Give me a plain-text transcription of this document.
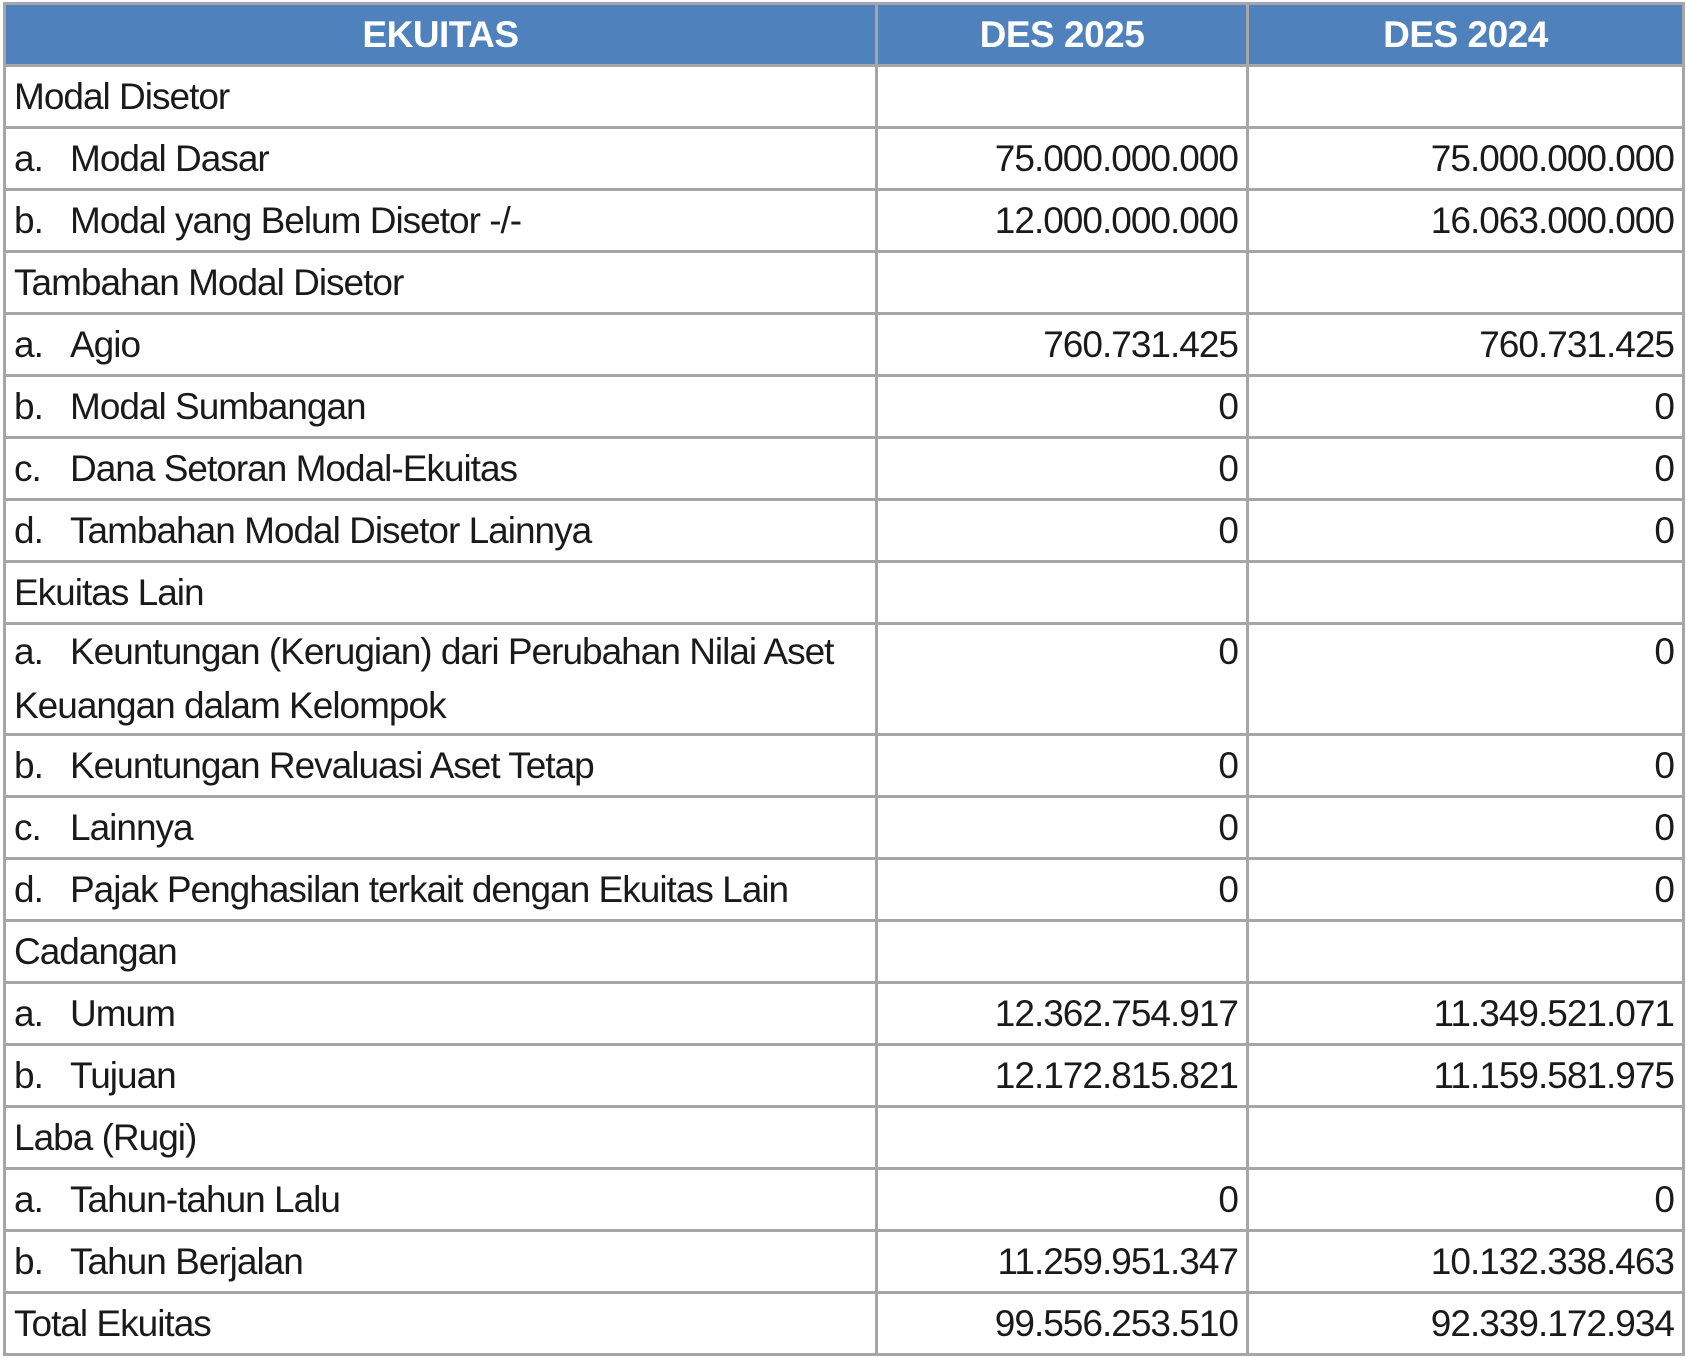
EKUITAS	DES 2025	DES 2024
Modal Disetor		
a. Modal Dasar	75.000.000.000	75.000.000.000
b. Modal yang Belum Disetor -/-	12.000.000.000	16.063.000.000
Tambahan Modal Disetor		
a. Agio	760.731.425	760.731.425
b. Modal Sumbangan	0	0
c. Dana Setoran Modal-Ekuitas	0	0
d. Tambahan Modal Disetor Lainnya	0	0
Ekuitas Lain		
a. Keuntungan (Kerugian) dari Perubahan Nilai Aset Keuangan dalam Kelompok	0	0
b. Keuntungan Revaluasi Aset Tetap	0	0
c. Lainnya	0	0
d. Pajak Penghasilan terkait dengan Ekuitas Lain	0	0
Cadangan		
a. Umum	12.362.754.917	11.349.521.071
b. Tujuan	12.172.815.821	11.159.581.975
Laba (Rugi)		
a. Tahun-tahun Lalu	0	0
b. Tahun Berjalan	11.259.951.347	10.132.338.463
Total Ekuitas	99.556.253.510	92.339.172.934
